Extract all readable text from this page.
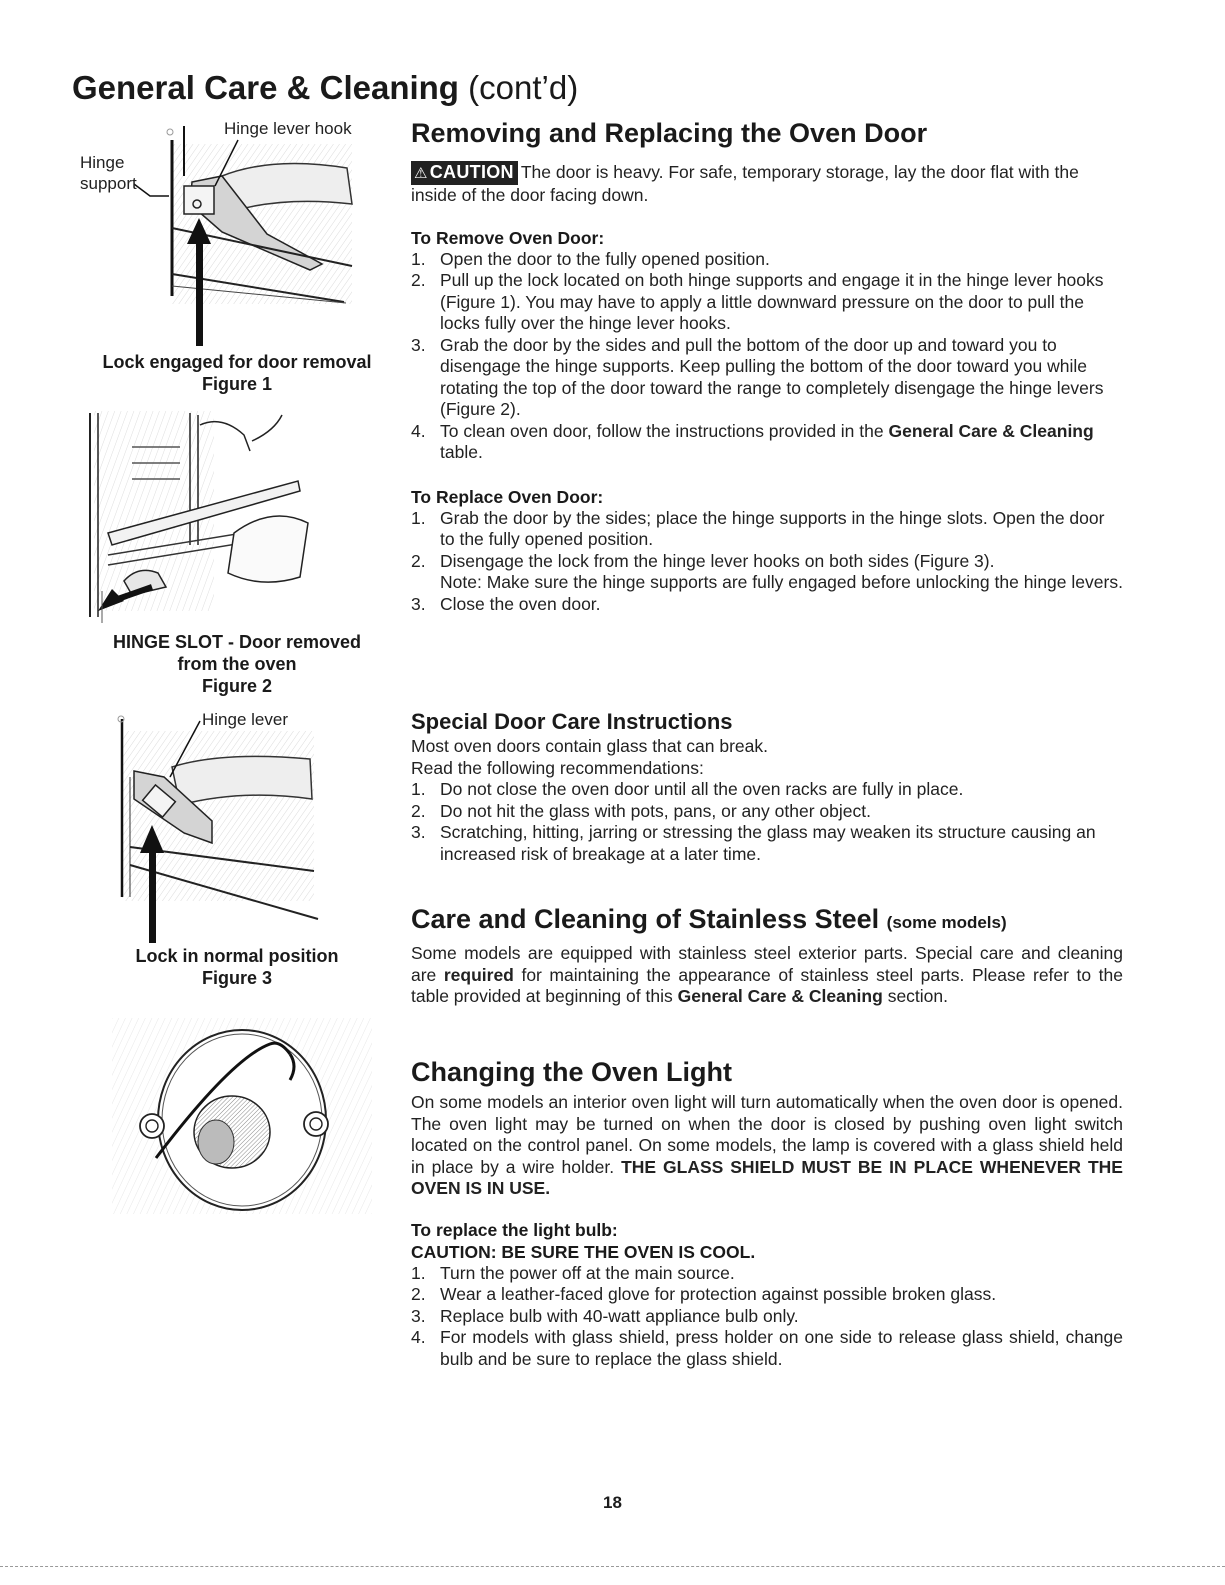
General Care & Cleaning (cont’d)
Hinge lever hook
Hinge
support
Lock engaged for door removal
Figure 1
HINGE SLOT - Door removed
from the oven
Figure 2
Hinge lever
Lock in normal position
Figure 3
Removing and Replacing the Oven Door

⚠ CAUTION The door is heavy. For safe, temporary storage, lay the door flat with the inside of the door facing down.

To Remove Oven Door:
1. Open the door to the fully opened position.
2. Pull up the lock located on both hinge supports and engage it in the hinge lever hooks (Figure 1). You may have to apply a little downward pressure on the door to pull the locks fully over the hinge lever hooks.
3. Grab the door by the sides and pull the bottom of the door up and toward you to disengage the hinge supports. Keep pulling the bottom of the door toward you while rotating the top of the door toward the range to completely disengage the hinge levers (Figure 2).
4. To clean oven door, follow the instructions provided in the General Care & Cleaning table.
To Replace Oven Door:
1. Grab the door by the sides; place the hinge supports in the hinge slots. Open the door to the fully opened position.
2. Disengage the lock from the hinge lever hooks on both sides (Figure 3).
Note: Make sure the hinge supports are fully engaged before unlocking the hinge levers.
3. Close the oven door.
Special Door Care Instructions

Most oven doors contain glass that can break.

Read the following recommendations:

1. Do not close the oven door until all the oven racks are fully in place.
2. Do not hit the glass with pots, pans, or any other object.
3. Scratching, hitting, jarring or stressing the glass may weaken its structure causing an increased risk of breakage at a later time.
Care and Cleaning of Stainless Steel (some models)

Some models are equipped with stainless steel exterior parts. Special care and cleaning are required for maintaining the appearance of stainless steel parts. Please refer to the table provided at beginning of this General Care & Cleaning section.

Changing the Oven Light

On some models an interior oven light will turn automatically when the oven door is opened. The oven light may be turned on when the door is closed by pushing oven light switch located on the control panel. On some models, the lamp is covered with a glass shield held in place by a wire holder. THE GLASS SHIELD MUST BE IN PLACE WHENEVER THE OVEN IS IN USE.

To replace the light bulb:
CAUTION: BE SURE THE OVEN IS COOL.
1. Turn the power off at the main source.
2. Wear a leather-faced glove for protection against possible broken glass.
3. Replace bulb with 40-watt appliance bulb only.
4. For models with glass shield, press holder on one side to release glass shield, change bulb and be sure to replace the glass shield.
18
